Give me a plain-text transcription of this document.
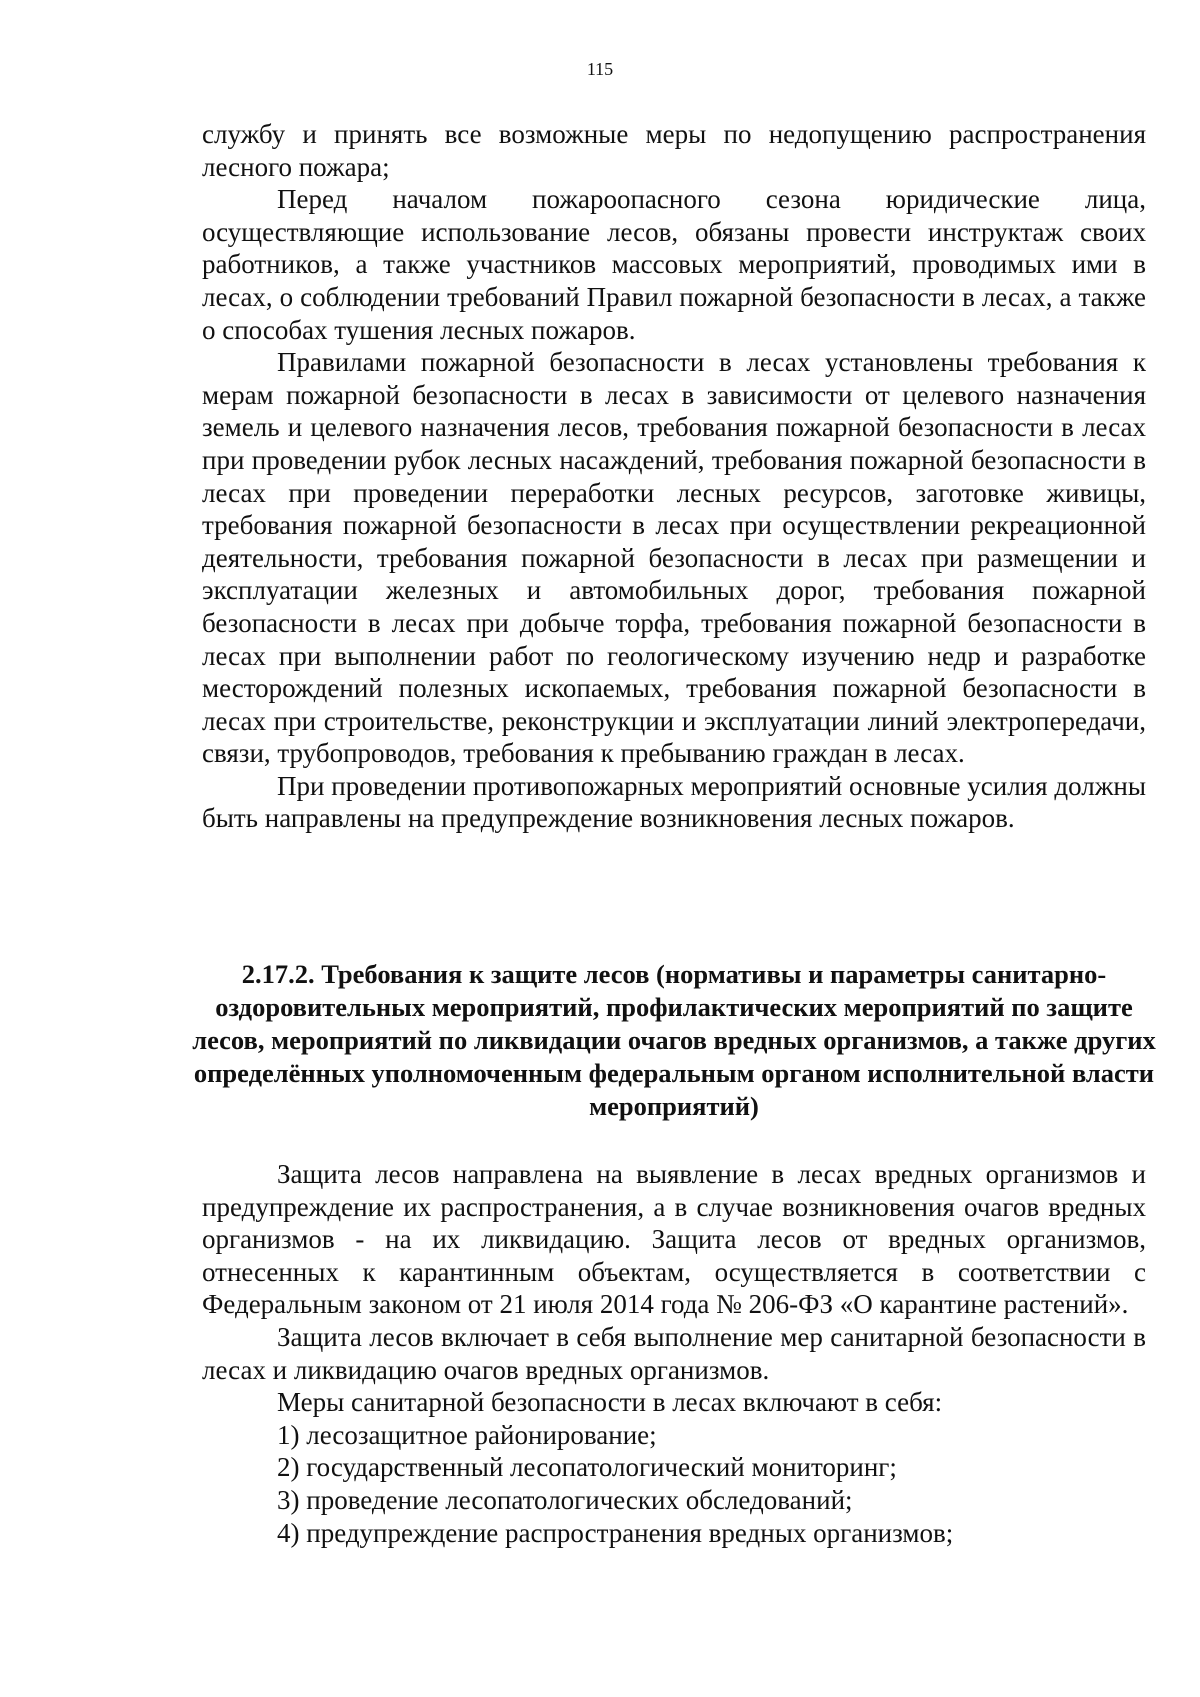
115

службу и принять все возможные меры по недопущению распространения лесного пожара;

Перед началом пожароопасного сезона юридические лица, осуществляющие использование лесов, обязаны провести инструктаж своих работников, а также участников массовых мероприятий, проводимых ими в лесах, о соблюдении требований Правил пожарной безопасности в лесах, а также о способах тушения лесных пожаров.

Правилами пожарной безопасности в лесах установлены требования к мерам пожарной безопасности в лесах в зависимости от целевого назначения земель и целевого назначения лесов, требования пожарной безопасности в лесах при проведении рубок лесных насаждений, требования пожарной безопасности в лесах при проведении переработки лесных ресурсов, заготовке живицы, требования пожарной безопасности в лесах при осуществлении рекреационной деятельности, требования пожарной безопасности в лесах при размещении и эксплуатации железных и автомобильных дорог, требования пожарной безопасности в лесах при добыче торфа, требования пожарной безопасности в лесах при выполнении работ по геологическому изучению недр и разработке месторождений полезных ископаемых, требования пожарной безопасности в лесах при строительстве, реконструкции и эксплуатации линий электропередачи, связи, трубопроводов, требования к пребыванию граждан в лесах.

При проведении противопожарных мероприятий основные усилия должны быть направлены на предупреждение возникновения лесных пожаров.

2.17.2. Требования к защите лесов (нормативы и параметры санитарно-оздоровительных мероприятий, профилактических мероприятий по защите лесов, мероприятий по ликвидации очагов вредных организмов, а также других определённых уполномоченным федеральным органом исполнительной власти мероприятий)

Защита лесов направлена на выявление в лесах вредных организмов и предупреждение их распространения, а в случае возникновения очагов вредных организмов - на их ликвидацию. Защита лесов от вредных организмов, отнесенных к карантинным объектам, осуществляется в соответствии с Федеральным законом от 21 июля 2014 года № 206-ФЗ «О карантине растений».

Защита лесов включает в себя выполнение мер санитарной безопасности в лесах и ликвидацию очагов вредных организмов.

Меры санитарной безопасности в лесах включают в себя:

1) лесозащитное районирование;
2) государственный лесопатологический мониторинг;
3) проведение лесопатологических обследований;
4) предупреждение распространения вредных организмов;
